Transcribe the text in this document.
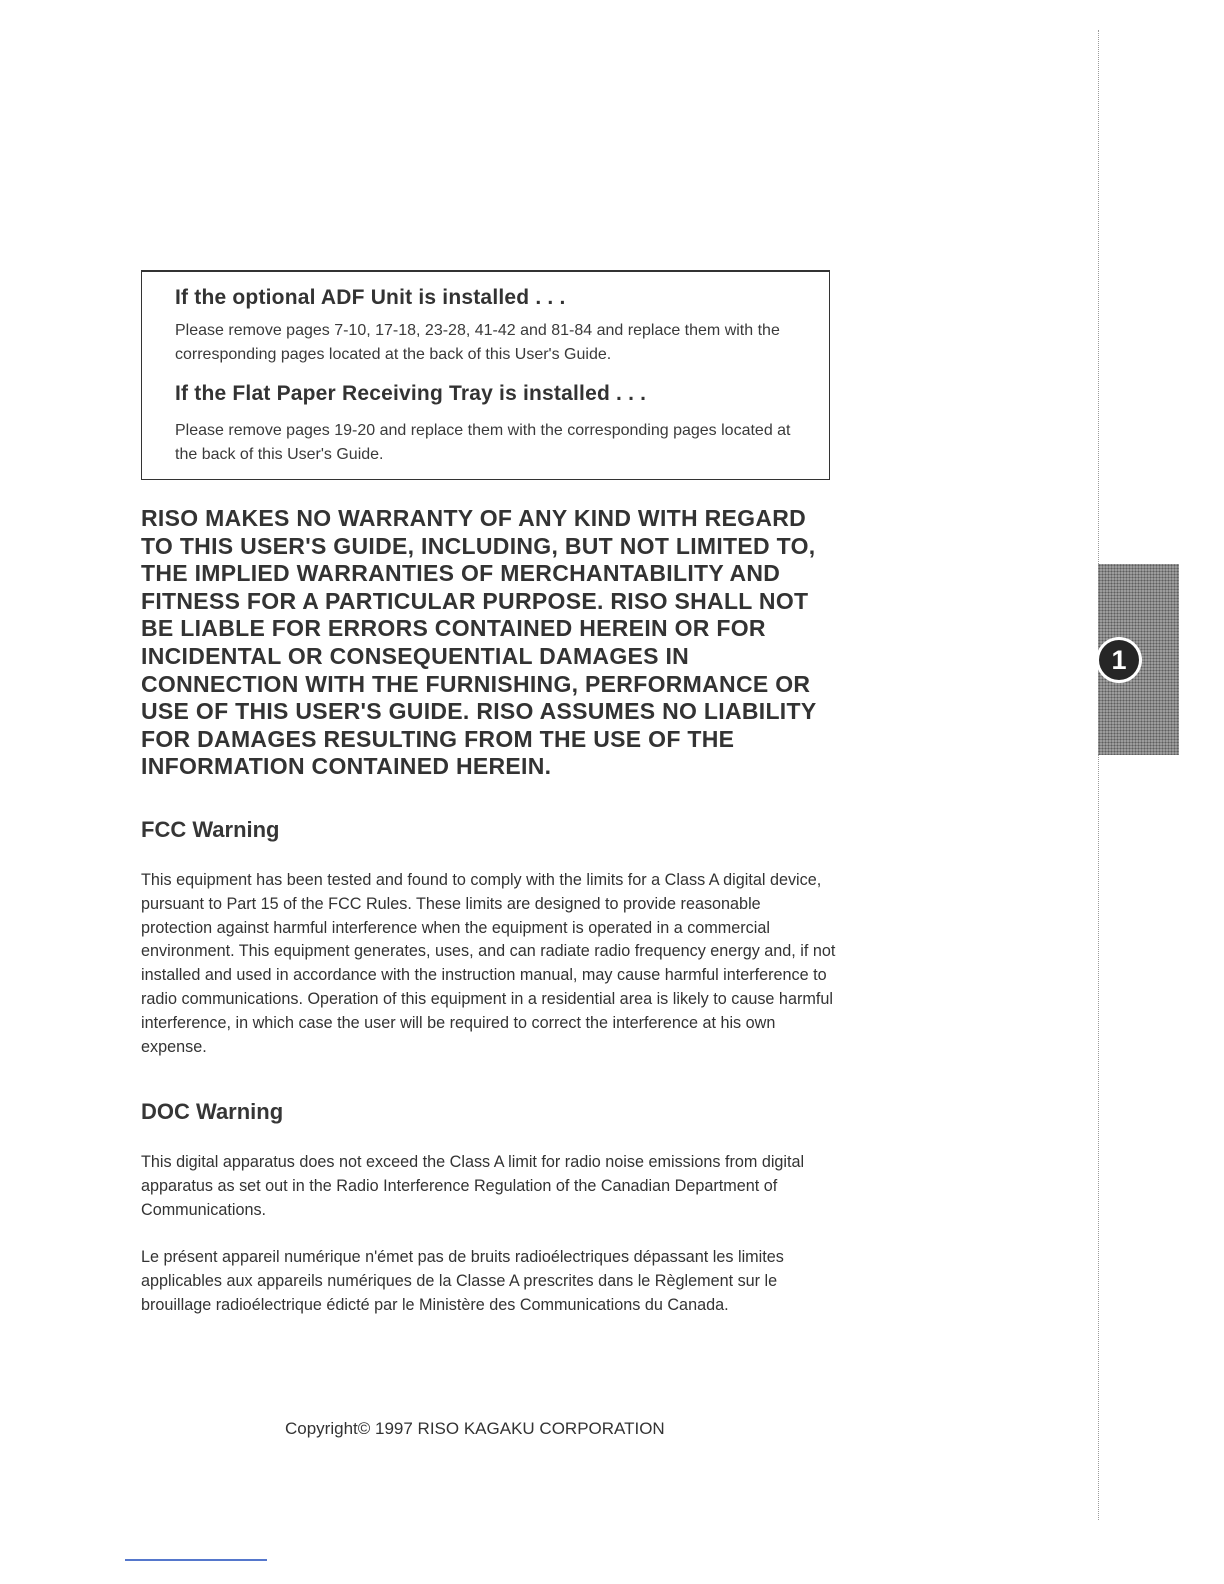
If the optional ADF Unit is installed . . .

Please remove pages 7-10, 17-18, 23-28, 41-42 and 81-84 and replace them with the corresponding pages located at the back of this User's Guide.

If the Flat Paper Receiving Tray is installed . . .

Please remove pages 19-20 and replace them with the corresponding pages located at the back of this User's Guide.

RISO MAKES NO WARRANTY OF ANY KIND WITH REGARD TO THIS USER'S GUIDE, INCLUDING, BUT NOT LIMITED TO, THE IMPLIED WARRANTIES OF MERCHANTABILITY AND FITNESS FOR A PARTICULAR PURPOSE. RISO SHALL NOT BE LIABLE FOR ERRORS CONTAINED HEREIN OR FOR INCIDENTAL OR CONSEQUENTIAL DAMAGES IN CONNECTION WITH THE FURNISHING, PERFORMANCE OR USE OF THIS USER'S GUIDE. RISO ASSUMES NO LIABILITY FOR DAMAGES RESULTING FROM THE USE OF THE INFORMATION CONTAINED HEREIN.

FCC Warning

This equipment has been tested and found to comply with the limits for a Class A digital device, pursuant to Part 15 of the FCC Rules. These limits are designed to provide reasonable protection against harmful interference when the equipment is operated in a commercial environment. This equipment generates, uses, and can radiate radio frequency energy and, if not installed and used in accordance with the instruction manual, may cause harmful interference to radio communications. Operation of this equipment in a residential area is likely to cause harmful interference, in which case the user will be required to correct the interference at his own expense.

DOC Warning

This digital apparatus does not exceed the Class A limit for radio noise emissions from digital apparatus as set out in the Radio Interference Regulation of the Canadian Department of Communications.

Le présent appareil numérique n'émet pas de bruits radioélectriques dépassant les limites applicables aux appareils numériques de la Classe A prescrites dans le Règlement sur le brouillage radioélectrique édicté par le Ministère des Communications du Canada.

Copyright© 1997 RISO KAGAKU CORPORATION

1
